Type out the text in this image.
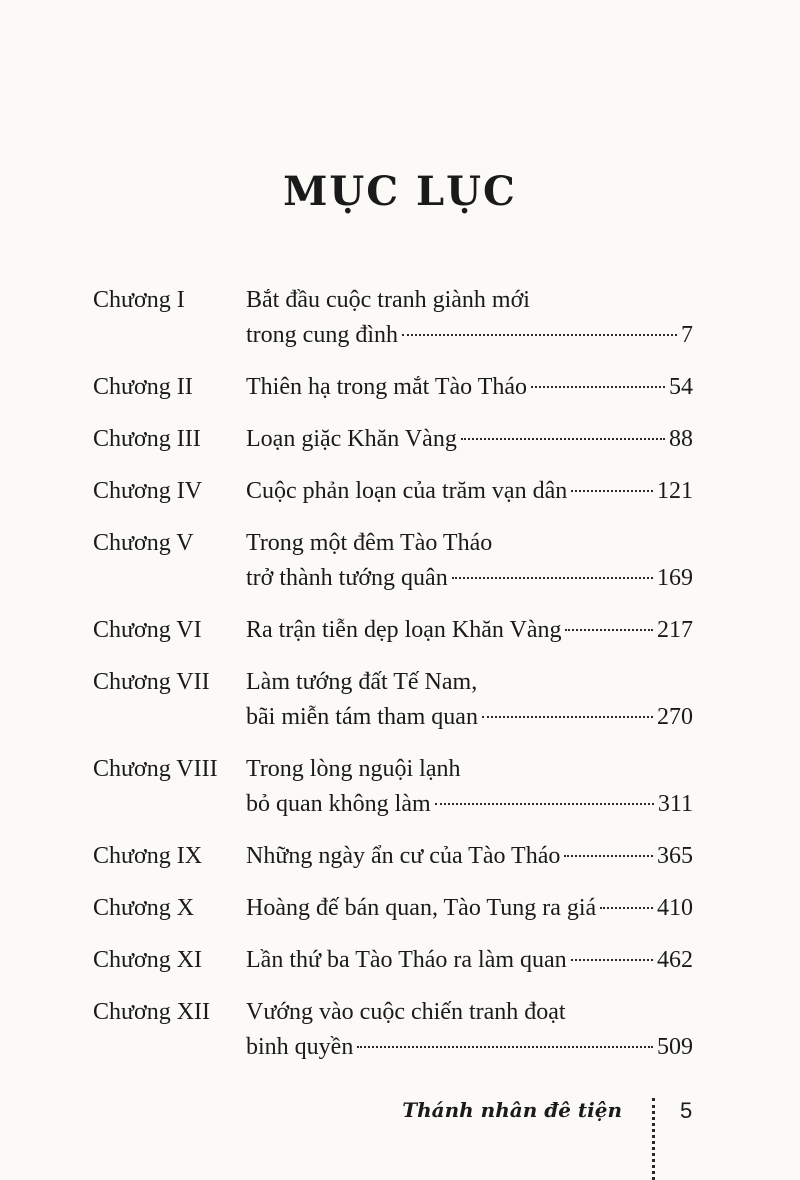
MỤC LỤC
Chương I	Bắt đầu cuộc tranh giành mới
trong cung đình	7
Chương II Thiên hạ trong mắt Tào Tháo	54
Chương III Loạn giặc Khăn Vàng	88
Chương IV Cuộc phản loạn của trăm vạn dân	121
Chương V Trong một đêm Tào Tháo
trở thành tướng quân	169
Chương VI Ra trận tiễn dẹp loạn Khăn Vàng	217
Chương VII Làm tướng đất Tế Nam,
bãi miễn tám tham quan	270
Chương VIII Trong lòng nguội lạnh
bỏ quan không làm	311
Chương IX Những ngày ẩn cư của Tào Tháo	365
Chương X Hoàng đế bán quan, Tào Tung ra giá	410
Chương XI Lần thứ ba Tào Tháo ra làm quan	462
Chương XII Vướng vào cuộc chiến tranh đoạt
binh quyền	509
Thánh nhân đê tiện	5
